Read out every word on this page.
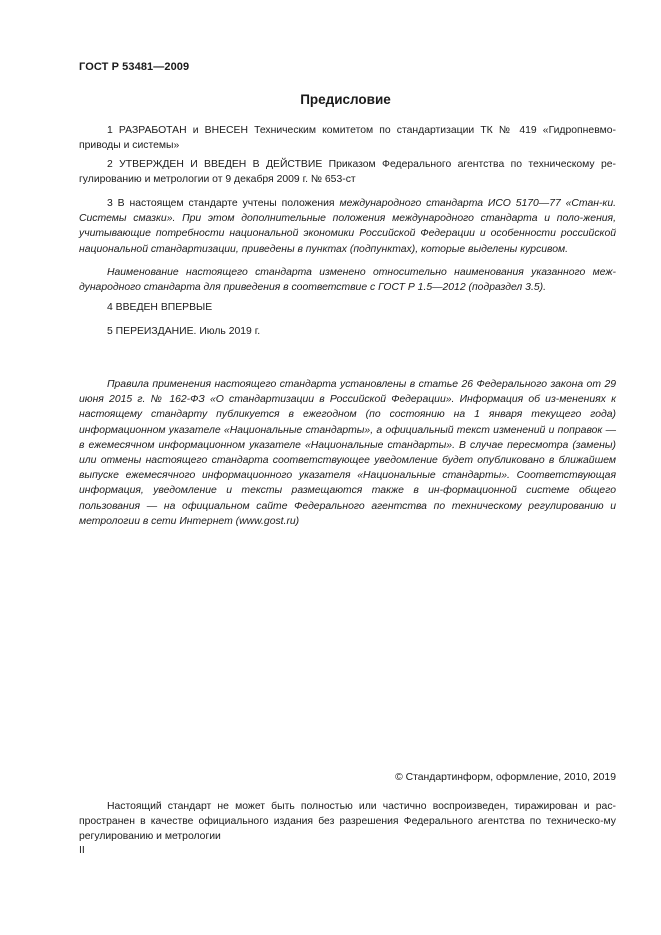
ГОСТ Р 53481—2009
Предисловие

1 РАЗРАБОТАН и ВНЕСЕН Техническим комитетом по стандартизации ТК № 419 «Гидропневмо-приводы и системы»

2 УТВЕРЖДЕН И ВВЕДЕН В ДЕЙСТВИЕ Приказом Федерального агентства по техническому ре-гулированию и метрологии от 9 декабря 2009 г. № 653-ст

3 В настоящем стандарте учтены положения международного стандарта ИСО 5170—77 «Стан-ки. Системы смазки». При этом дополнительные положения международного стандарта и поло-жения, учитывающие потребности национальной экономики Российской Федерации и особенности российской национальной стандартизации, приведены в пунктах (подпунктах), которые выделены курсивом.

Наименование настоящего стандарта изменено относительно наименования указанного меж-дународного стандарта для приведения в соответствие с ГОСТ Р 1.5—2012 (подраздел 3.5).

4 ВВЕДЕН ВПЕРВЫЕ

5 ПЕРЕИЗДАНИЕ. Июль 2019 г.

Правила применения настоящего стандарта установлены в статье 26 Федерального закона от 29 июня 2015 г. № 162-ФЗ «О стандартизации в Российской Федерации». Информация об из-менениях к настоящему стандарту публикуется в ежегодном (по состоянию на 1 января текущего года) информационном указателе «Национальные стандарты», а официальный текст изменений и поправок — в ежемесячном информационном указателе «Национальные стандарты». В случае пересмотра (замены) или отмены настоящего стандарта соответствующее уведомление будет опубликовано в ближайшем выпуске ежемесячного информационного указателя «Национальные стандарты». Соответствующая информация, уведомление и тексты размещаются также в ин-формационной системе общего пользования — на официальном сайте Федерального агентства по техническому регулированию и метрологии в сети Интернет (www.gost.ru)

© Стандартинформ, оформление, 2010, 2019

Настоящий стандарт не может быть полностью или частично воспроизведен, тиражирован и рас-пространен в качестве официального издания без разрешения Федерального агентства по техническо-му регулированию и метрологии

II
